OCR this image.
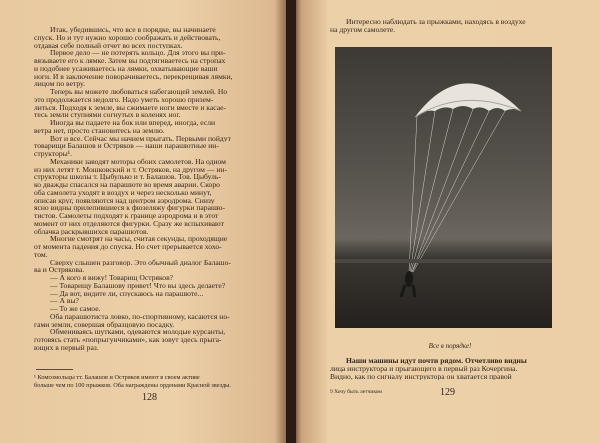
Итак, убедившись, что все в порядке, вы начинаете
спуск. Но и тут нужно хорошо соображать и действовать,
отдавая себе полный отчет во всех поступках.
Первое дело — не потерять кольцо. Для этого вы при-
вязываете его к лямке. Затем вы подтягиваетесь на стропах
и подобнее усаживаетесь на лямки, охватывающие ваши
ноги. И в заключение поворачиваетесь, перекрещивая лямки,
лицом по ветру.
Теперь вы можете любоваться набегающей землей. Но
это продолжается недолго. Надо уметь хорошо призем-
литься. Подходя к земле, вы сжимаете ноги вместе и касае-
тесь земли ступнями согнутых в коленях ног.
Иногда вы падаете на бок или вперед, иногда, если
ветра нет, просто становитесь на землю.
Вот и все. Сейчас мы начнем прыгать. Первыми пойдут
товарищи Балашов и Остряков — наши парашютные ин-
структоры¹.
Механики заводят моторы обоих самолетов. На одном
из них летят т. Мошковский и т. Остряков, на другом — ин-
структоры школы т. Цыбулько и т. Балашов. Тов. Цыбуль-
ко дважды спасался на парашюте во время аварии. Скоро
оба самолета уходят в воздух и через несколько минут,
описав круг, появляются над центром аэродрома. Снизу
ясно видны прилепившиеся к фюзеляжу фигурки парашю-
тистов. Самолеты подходят к границе аэродрома и в этот
момент от них отделяются фигурки. Сразу же вспыхивают
облачка раскрывшихся парашютов.
Многие смотрят на часы, считая секунды, проходящие
от момента падения до спуска. Но счет прерывается хохо-
том.
Сверху слышен разговор. Это обычный диалог Балашо-
ва и Острякова.
— А кого я вижу! Товарищ Остряков?
— Товарищу Балашову привет! Что вы здесь делаете?
— Да вот, видите ли, спускаюсь на парашюте...
— А вы?
— То же самое.
Оба парашютиста ловко, по-спортивному, касаются но-
гами земли, совершая образцовую посадку.
Обмениваясь шутками, одеваются молодые курсанты,
готовясь стать «попрыгунчиками», как зовут здесь прыга-
ющих в первый раз.
¹ Комсомольцы тт. Балашов и Остряков имеют в своем активе
больше чем по 100 прыжков. Оба награждены орденами Красной звезды.
128
Интересно наблюдать за прыжками, находясь в воздухе
на другом самолете.
Все в порядке!
Наши машины идут почти рядом. Отчетливо видны
лица инструктора и прыгающего в первый раз Кочергина.
Видно, как по сигналу инструктора он хватается правой
9 Хочу быть летчиком	129
